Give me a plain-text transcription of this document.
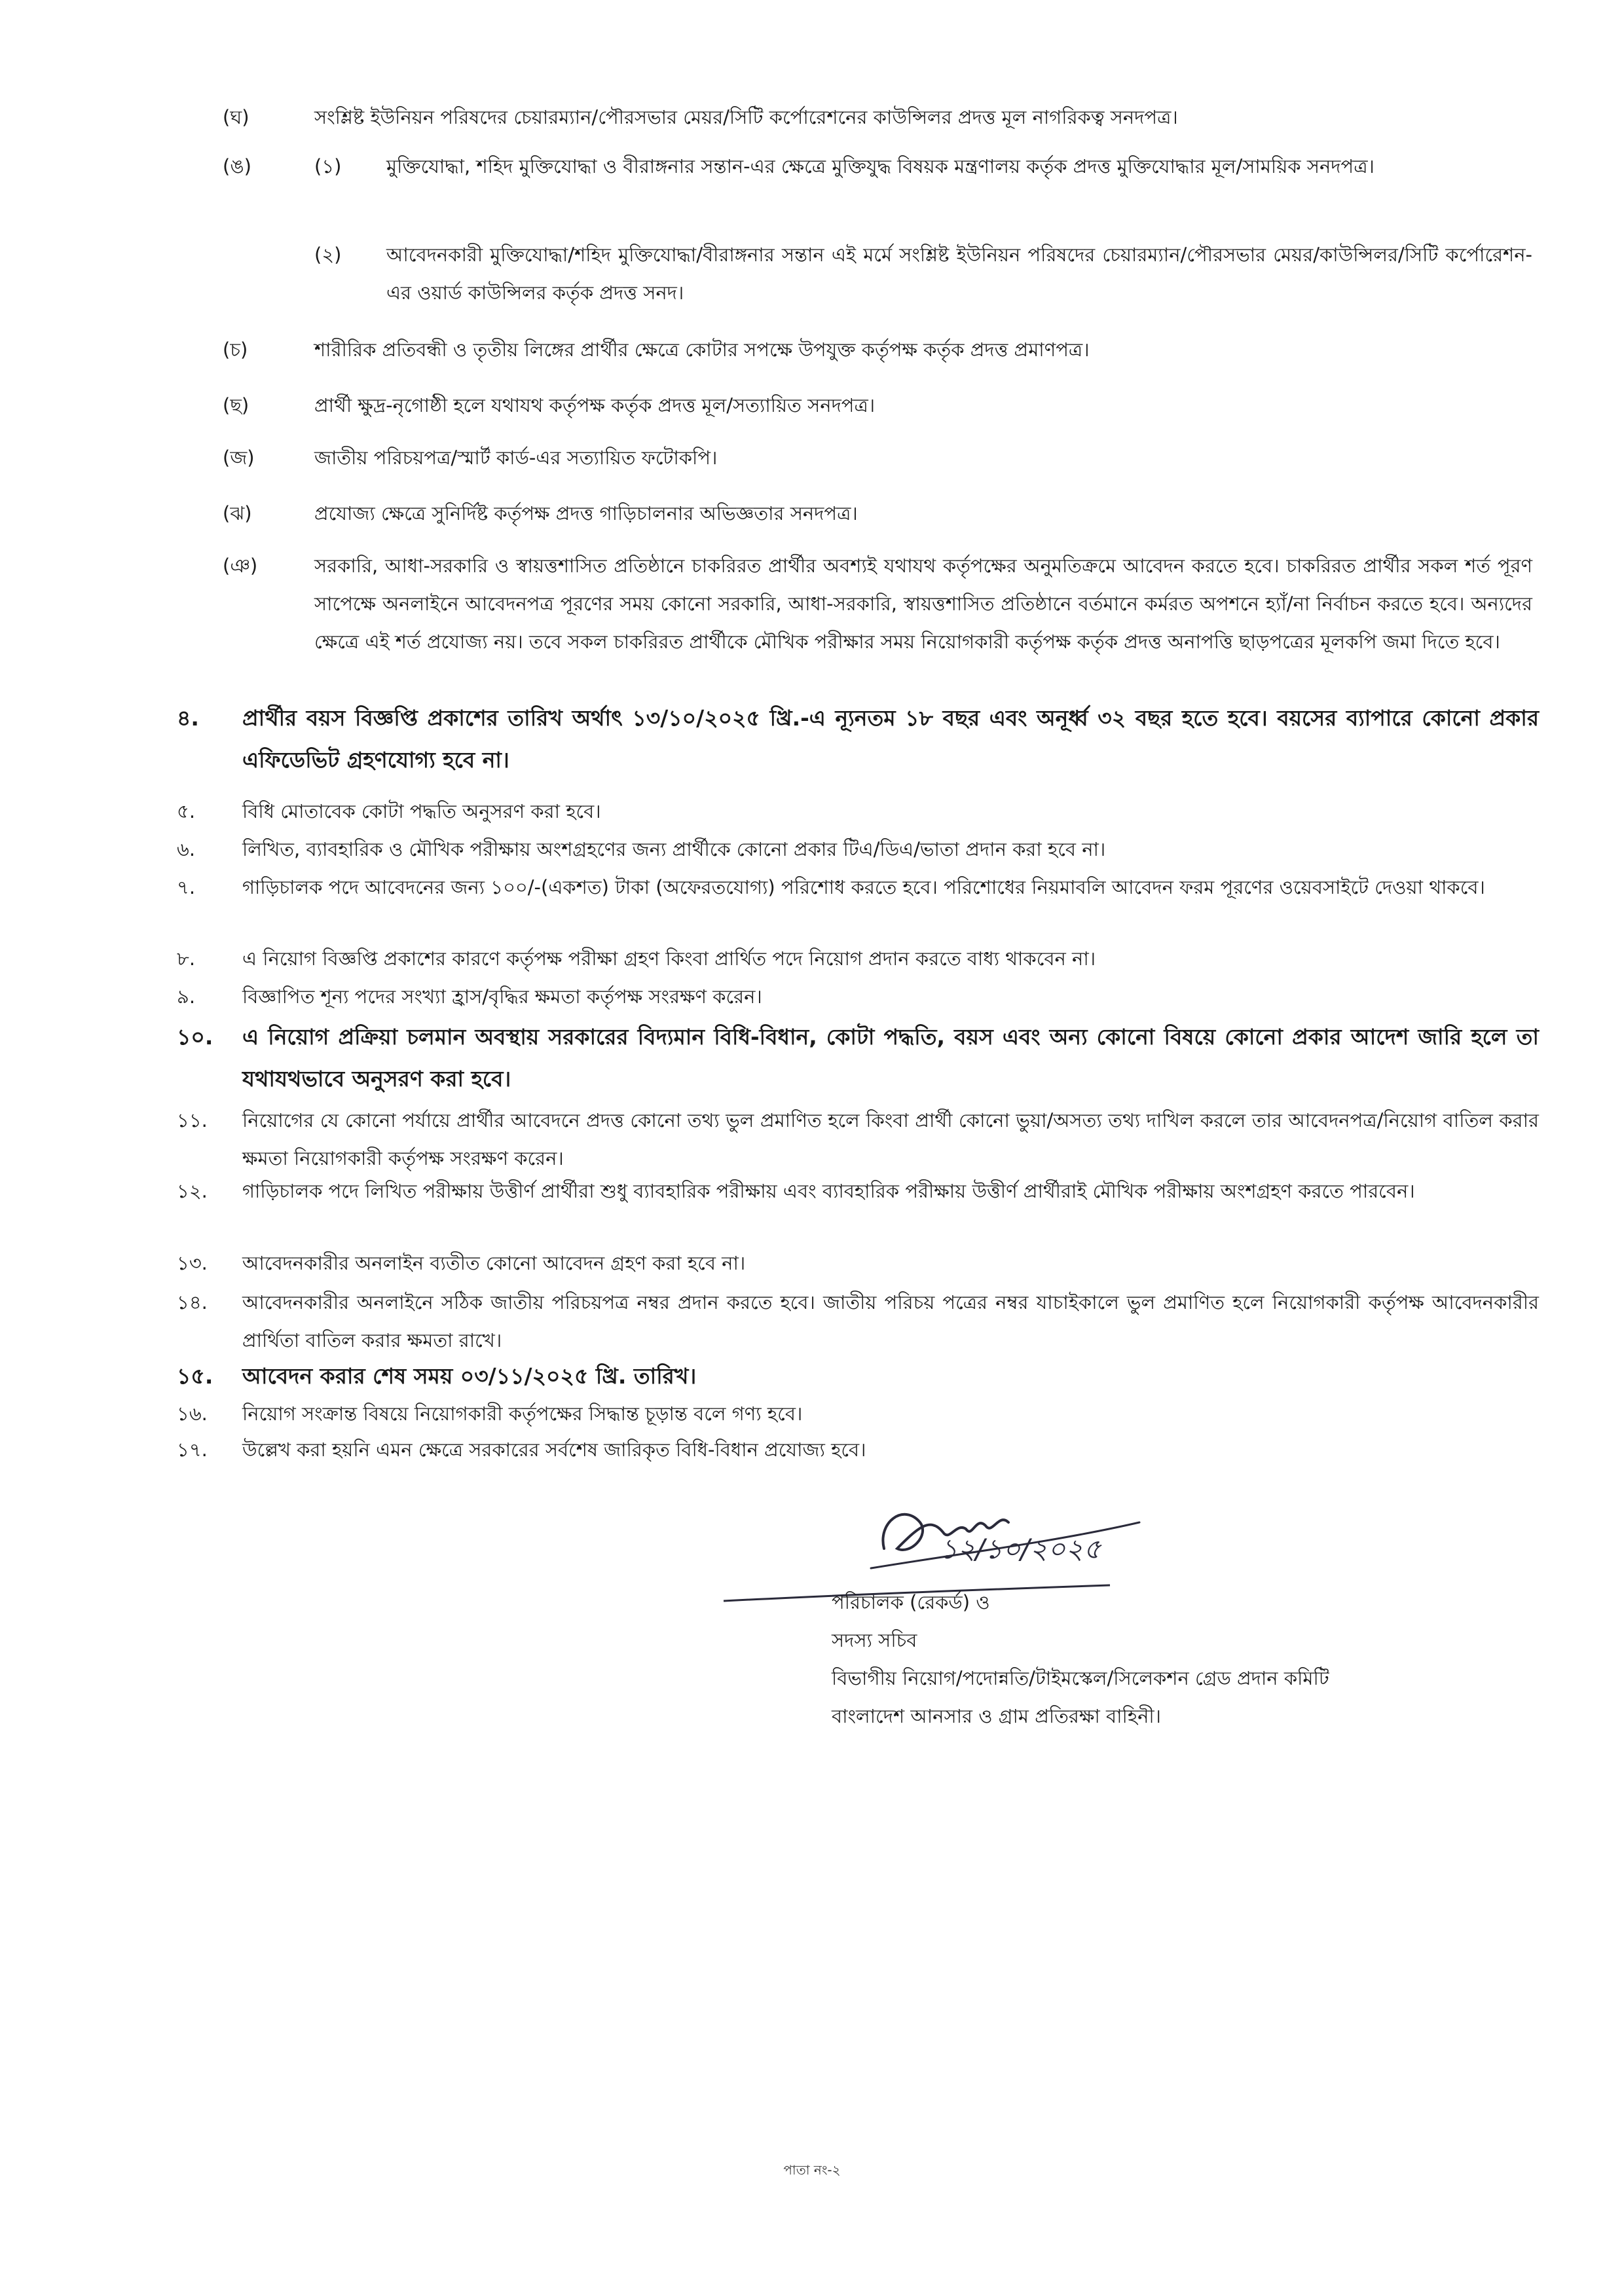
(ঘ)	সংশ্লিষ্ট ইউনিয়ন পরিষদের চেয়ারম্যান/পৌরসভার মেয়র/সিটি কর্পোরেশনের কাউন্সিলর প্রদত্ত মূল নাগরিকত্ব সনদপত্র।
(ঙ)	(১) মুক্তিযোদ্ধা, শহিদ মুক্তিযোদ্ধা ও বীরাঙ্গনার সন্তান-এর ক্ষেত্রে মুক্তিযুদ্ধ বিষয়ক মন্ত্রণালয় কর্তৃক প্রদত্ত মুক্তিযোদ্ধার মূল/সাময়িক সনদপত্র।
(২) আবেদনকারী মুক্তিযোদ্ধা/শহিদ মুক্তিযোদ্ধা/বীরাঙ্গনার সন্তান এই মর্মে সংশ্লিষ্ট ইউনিয়ন পরিষদের চেয়ারম্যান/পৌরসভার মেয়র/কাউন্সিলর/সিটি কর্পোরেশন-এর ওয়ার্ড কাউন্সিলর কর্তৃক প্রদত্ত সনদ।
(চ)	শারীরিক প্রতিবন্ধী ও তৃতীয় লিঙ্গের প্রার্থীর ক্ষেত্রে কোটার সপক্ষে উপযুক্ত কর্তৃপক্ষ কর্তৃক প্রদত্ত প্রমাণপত্র।
(ছ)	প্রার্থী ক্ষুদ্র-নৃগোষ্ঠী হলে যথাযথ কর্তৃপক্ষ কর্তৃক প্রদত্ত মূল/সত্যায়িত সনদপত্র।
(জ)	জাতীয় পরিচয়পত্র/স্মার্ট কার্ড-এর সত্যায়িত ফটোকপি।
(ঝ)	প্রযোজ্য ক্ষেত্রে সুনির্দিষ্ট কর্তৃপক্ষ প্রদত্ত গাড়িচালনার অভিজ্ঞতার সনদপত্র।
(ঞ)	সরকারি, আধা-সরকারি ও স্বায়ত্তশাসিত প্রতিষ্ঠানে চাকরিরত প্রার্থীর অবশ্যই যথাযথ কর্তৃপক্ষের অনুমতিক্রমে আবেদন করতে হবে। চাকরিরত প্রার্থীর সকল শর্ত পূরণ সাপেক্ষে অনলাইনে আবেদনপত্র পূরণের সময় কোনো সরকারি, আধা-সরকারি, স্বায়ত্তশাসিত প্রতিষ্ঠানে বর্তমানে কর্মরত অপশনে হ্যাঁ/না নির্বাচন করতে হবে। অন্যদের ক্ষেত্রে এই শর্ত প্রযোজ্য নয়। তবে সকল চাকরিরত প্রার্থীকে মৌখিক পরীক্ষার সময় নিয়োগকারী কর্তৃপক্ষ কর্তৃক প্রদত্ত অনাপত্তি ছাড়পত্রের মূলকপি জমা দিতে হবে।
৪. প্রার্থীর বয়স বিজ্ঞপ্তি প্রকাশের তারিখ অর্থাৎ ১৩/১০/২০২৫ খ্রি.-এ ন্যূনতম ১৮ বছর এবং অনূর্ধ্ব ৩২ বছর হতে হবে। বয়সের ব্যাপারে কোনো প্রকার এফিডেভিট গ্রহণযোগ্য হবে না।
৫. বিধি মোতাবেক কোটা পদ্ধতি অনুসরণ করা হবে।
৬. লিখিত, ব্যাবহারিক ও মৌখিক পরীক্ষায় অংশগ্রহণের জন্য প্রার্থীকে কোনো প্রকার টিএ/ডিএ/ভাতা প্রদান করা হবে না।
৭. গাড়িচালক পদে আবেদনের জন্য ১০০/-(একশত) টাকা (অফেরতযোগ্য) পরিশোধ করতে হবে। পরিশোধের নিয়মাবলি আবেদন ফরম পূরণের ওয়েবসাইটে দেওয়া থাকবে।
৮. এ নিয়োগ বিজ্ঞপ্তি প্রকাশের কারণে কর্তৃপক্ষ পরীক্ষা গ্রহণ কিংবা প্রার্থিত পদে নিয়োগ প্রদান করতে বাধ্য থাকবেন না।
৯. বিজ্ঞাপিত শূন্য পদের সংখ্যা হ্রাস/বৃদ্ধির ক্ষমতা কর্তৃপক্ষ সংরক্ষণ করেন।
১০. এ নিয়োগ প্রক্রিয়া চলমান অবস্থায় সরকারের বিদ্যমান বিধি-বিধান, কোটা পদ্ধতি, বয়স এবং অন্য কোনো বিষয়ে কোনো প্রকার আদেশ জারি হলে তা যথাযথভাবে অনুসরণ করা হবে।
১১. নিয়োগের যে কোনো পর্যায়ে প্রার্থীর আবেদনে প্রদত্ত কোনো তথ্য ভুল প্রমাণিত হলে কিংবা প্রার্থী কোনো ভুয়া/অসত্য তথ্য দাখিল করলে তার আবেদনপত্র/নিয়োগ বাতিল করার ক্ষমতা নিয়োগকারী কর্তৃপক্ষ সংরক্ষণ করেন।
১২. গাড়িচালক পদে লিখিত পরীক্ষায় উত্তীর্ণ প্রার্থীরা শুধু ব্যাবহারিক পরীক্ষায় এবং ব্যাবহারিক পরীক্ষায় উত্তীর্ণ প্রার্থীরাই মৌখিক পরীক্ষায় অংশগ্রহণ করতে পারবেন।
১৩. আবেদনকারীর অনলাইন ব্যতীত কোনো আবেদন গ্রহণ করা হবে না।
১৪. আবেদনকারীর অনলাইনে সঠিক জাতীয় পরিচয়পত্র নম্বর প্রদান করতে হবে। জাতীয় পরিচয় পত্রের নম্বর যাচাইকালে ভুল প্রমাণিত হলে নিয়োগকারী কর্তৃপক্ষ আবেদনকারীর প্রার্থিতা বাতিল করার ক্ষমতা রাখে।
১৫. আবেদন করার শেষ সময় ০৩/১১/২০২৫ খ্রি. তারিখ।
১৬. নিয়োগ সংক্রান্ত বিষয়ে নিয়োগকারী কর্তৃপক্ষের সিদ্ধান্ত চূড়ান্ত বলে গণ্য হবে।
১৭. উল্লেখ করা হয়নি এমন ক্ষেত্রে সরকারের সর্বশেষ জারিকৃত বিধি-বিধান প্রযোজ্য হবে।
১২/১০/২০২৫
পরিচালক (রেকর্ড) ও
সদস্য সচিব
বিভাগীয় নিয়োগ/পদোন্নতি/টাইমস্কেল/সিলেকশন গ্রেড প্রদান কমিটি
বাংলাদেশ আনসার ও গ্রাম প্রতিরক্ষা বাহিনী।
পাতা নং-২
